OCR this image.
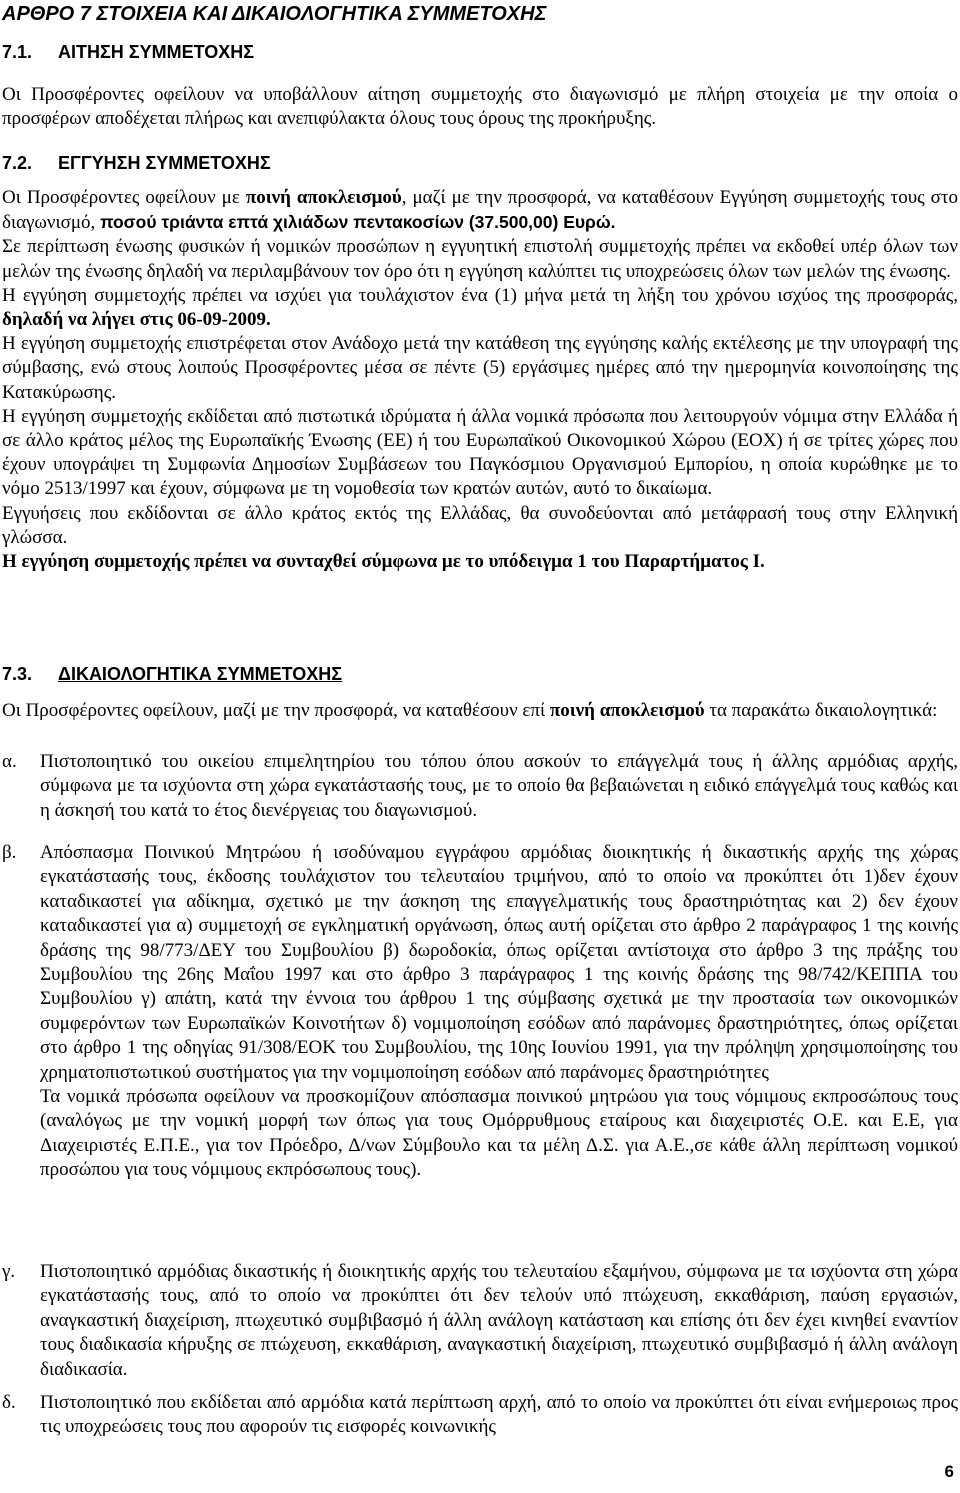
ΑΡΘΡΟ 7 ΣΤΟΙΧΕΙΑ ΚΑΙ ΔΙΚΑΙΟΛΟΓΗΤΙΚΑ ΣΥΜΜΕΤΟΧΗΣ
7.1. ΑΙΤΗΣΗ ΣΥΜΜΕΤΟΧΗΣ

Οι Προσφέροντες οφείλουν να υποβάλλουν αίτηση συμμετοχής στο διαγωνισμό με πλήρη στοιχεία με την οποία ο προσφέρων αποδέχεται πλήρως και ανεπιφύλακτα όλους τους όρους της προκήρυξης.

7.2. ΕΓΓΥΗΣΗ ΣΥΜΜΕΤΟΧΗΣ

Οι Προσφέροντες οφείλουν με ποινή αποκλεισμού, μαζί με την προσφορά, να καταθέσουν Εγγύηση συμμετοχής τους στο διαγωνισμό, ποσού τριάντα επτά χιλιάδων πεντακοσίων (37.500,00) Ευρώ.

Σε περίπτωση ένωσης φυσικών ή νομικών προσώπων η εγγυητική επιστολή συμμετοχής πρέπει να εκδοθεί υπέρ όλων των μελών της ένωσης δηλαδή να περιλαμβάνουν τον όρο ότι η εγγύηση καλύπτει τις υποχρεώσεις όλων των μελών της ένωσης.

Η εγγύηση συμμετοχής πρέπει να ισχύει για τουλάχιστον ένα (1) μήνα μετά τη λήξη του χρόνου ισχύος της προσφοράς, δηλαδή να λήγει στις 06-09-2009.

Η εγγύηση συμμετοχής επιστρέφεται στον Ανάδοχο μετά την κατάθεση της εγγύησης καλής εκτέλεσης με την υπογραφή της σύμβασης, ενώ στους λοιπούς Προσφέροντες μέσα σε πέντε (5) εργάσιμες ημέρες από την ημερομηνία κοινοποίησης της Κατακύρωσης.

Η εγγύηση συμμετοχής εκδίδεται από πιστωτικά ιδρύματα ή άλλα νομικά πρόσωπα που λειτουργούν νόμιμα στην Ελλάδα ή σε άλλο κράτος μέλος της Ευρωπαϊκής Ένωσης (ΕΕ) ή του Ευρωπαϊκού Οικονομικού Χώρου (ΕΟΧ) ή σε τρίτες χώρες που έχουν υπογράψει τη Συμφωνία Δημοσίων Συμβάσεων του Παγκόσμιου Οργανισμού Εμπορίου, η οποία κυρώθηκε με το νόμο 2513/1997 και έχουν, σύμφωνα με τη νομοθεσία των κρατών αυτών, αυτό το δικαίωμα.

Εγγυήσεις που εκδίδονται σε άλλο κράτος εκτός της Ελλάδας, θα συνοδεύονται από μετάφρασή τους στην Ελληνική γλώσσα.

Η εγγύηση συμμετοχής πρέπει να συνταχθεί σύμφωνα με το υπόδειγμα 1 του Παραρτήματος Ι.

7.3. ΔΙΚΑΙΟΛΟΓΗΤΙΚΑ ΣΥΜΜΕΤΟΧΗΣ

Οι Προσφέροντες οφείλουν, μαζί με την προσφορά, να καταθέσουν επί ποινή αποκλεισμού τα παρακάτω δικαιολογητικά:

α. Πιστοποιητικό του οικείου επιμελητηρίου του τόπου όπου ασκούν το επάγγελμά τους ή άλλης αρμόδιας αρχής, σύμφωνα με τα ισχύοντα στη χώρα εγκατάστασής τους, με το οποίο θα βεβαιώνεται η ειδικό επάγγελμά τους καθώς και η άσκησή του κατά το έτος διενέργειας του διαγωνισμού.

β. Απόσπασμα Ποινικού Μητρώου ή ισοδύναμου εγγράφου αρμόδιας διοικητικής ή δικαστικής αρχής της χώρας εγκατάστασής τους, έκδοσης τουλάχιστον του τελευταίου τριμήνου, από το οποίο να προκύπτει ότι 1)δεν έχουν καταδικαστεί για αδίκημα, σχετικό με την άσκηση της επαγγελματικής τους δραστηριότητας και 2) δεν έχουν καταδικαστεί για α) συμμετοχή σε εγκληματική οργάνωση, όπως αυτή ορίζεται στο άρθρο 2 παράγραφος 1 της κοινής δράσης της 98/773/ΔΕΥ του Συμβουλίου β) δωροδοκία, όπως ορίζεται αντίστοιχα στο άρθρο 3 της πράξης του Συμβουλίου της 26ης Μαΐου 1997 και στο άρθρο 3 παράγραφος 1 της κοινής δράσης της 98/742/ΚΕΠΠΑ του Συμβουλίου γ) απάτη, κατά την έννοια του άρθρου 1 της σύμβασης σχετικά με την προστασία των οικονομικών συμφερόντων των Ευρωπαϊκών Κοινοτήτων δ) νομιμοποίηση εσόδων από παράνομες δραστηριότητες, όπως ορίζεται στο άρθρο 1 της οδηγίας 91/308/ΕΟΚ του Συμβουλίου, της 10ης Ιουνίου 1991, για την πρόληψη χρησιμοποίησης του χρηματοπιστωτικού συστήματος για την νομιμοποίηση εσόδων από παράνομες δραστηριότητες

Τα νομικά πρόσωπα οφείλουν να προσκομίζουν απόσπασμα ποινικού μητρώου για τους νόμιμους εκπροσώπους τους (αναλόγως με την νομική μορφή των όπως για τους Ομόρρυθμους εταίρους και διαχειριστές Ο.Ε. και Ε.Ε, για Διαχειριστές Ε.Π.Ε., για τον Πρόεδρο, Δ/νων Σύμβουλο και τα μέλη Δ.Σ. για Α.Ε.,σε κάθε άλλη περίπτωση νομικού προσώπου για τους νόμιμους εκπρόσωπους τους).

γ. Πιστοποιητικό αρμόδιας δικαστικής ή διοικητικής αρχής του τελευταίου εξαμήνου, σύμφωνα με τα ισχύοντα στη χώρα εγκατάστασής τους, από το οποίο να προκύπτει ότι δεν τελούν υπό πτώχευση, εκκαθάριση, παύση εργασιών, αναγκαστική διαχείριση, πτωχευτικό συμβιβασμό ή άλλη ανάλογη κατάσταση και επίσης ότι δεν έχει κινηθεί εναντίον τους διαδικασία κήρυξης σε πτώχευση, εκκαθάριση, αναγκαστική διαχείριση, πτωχευτικό συμβιβασμό ή άλλη ανάλογη διαδικασία.

δ. Πιστοποιητικό που εκδίδεται από αρμόδια κατά περίπτωση αρχή, από το οποίο να προκύπτει ότι είναι ενήμεροιως προς τις υποχρεώσεις τους που αφορούν τις εισφορές κοινωνικής

6
